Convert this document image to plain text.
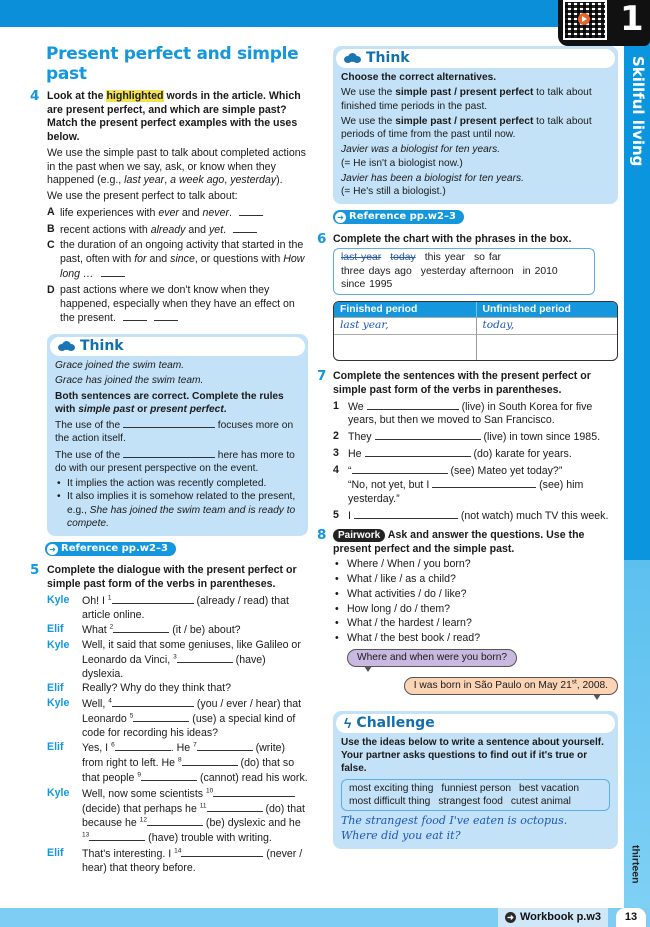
1
Skillful living
thirteen
➜ Workbook p.w3	13
Present perfect and simple past
4 Look at the highlighted words in the article. Which are present perfect, and which are simple past? Match the present perfect examples with the uses below.

We use the simple past to talk about completed actions in the past when we say, ask, or know when they happened (e.g., last year, a week ago, yesterday).

We use the present perfect to talk about:

A life experiences with ever and never.
B recent actions with already and yet.
C the duration of an ongoing activity that started in the past, often with for and since, or questions with How long …
D past actions where we don't know when they happened, especially when they have an effect on the present.
Think

Grace joined the swim team.

Grace has joined the swim team.

Both sentences are correct. Complete the rules with simple past or present perfect.

The use of the	focuses more on the action itself.

The use of the	here has more to do with our present perspective on the event.

• It implies the action was recently completed.
• It also implies it is somehow related to the present, e.g., She has joined the swim team and is ready to compete.
➜ Reference pp.w2–3
5 Complete the dialogue with the present perfect or simple past form of the verbs in parentheses.

Kyle	Oh! I $^1$	(already / read) that article online.
Elif	What $^2$	(it / be) about?
Kyle	Well, it said that some geniuses, like Galileo or Leonardo da Vinci, $^3$	(have) dyslexia.
Elif	Really? Why do they think that?
Kyle	Well, $^4$	(you / ever / hear) that Leonardo $^5$	(use) a special kind of code for recording his ideas?
Elif	Yes, I $^6$	. He $^7$	(write) from right to left. He $^8$	(do) that so that people $^9$	(cannot) read his work.
Kyle	Well, now some scientists $^{10}$ (decide) that perhaps he $^{11}$	(do) that because he $^{12}$	(be) dyslexic and he $^{13}$	(have) trouble with writing.
Elif	That's interesting. I $^{14}$	(never / hear) that theory before.
Think

Choose the correct alternatives.

We use the simple past / present perfect to talk about finished time periods in the past.

We use the simple past / present perfect to talk about periods of time from the past until now.

Javier was a biologist for ten years.

(= He isn't a biologist now.)

Javier has been a biologist for ten years.

(= He's still a biologist.)

➜ Reference pp.w2–3
6 Complete the chart with the phrases in the box.

last year today this year so farthree days ago yesterday afternoon in 2010since 1995
Finished period	Unfinished period
last year,	today,

7 Complete the sentences with the present perfect or simple past form of the verbs in parentheses.

1 We	(live) in South Korea for five years, but then we moved to San Francisco.
2 They	(live) in town since 1985.
3 He	(do) karate for years.
4 “	(see) Mateo yet today?”
“No, not yet, but I	(see) him yesterday.”
5 I	(not watch) much TV this week.
8	Pairwork Ask and answer the questions. Use the present perfect and the simple past.

• Where / When / you born?
• What / like / as a child?
• What activities / do / like?
• How long / do / them?
• What / the hardest / learn?
• What / the best book / read?
Where and when were you born?
I was born in São Paulo on May 21st, 2008.
ϟ Challenge

Use the ideas below to write a sentence about yourself. Your partner asks questions to find out if it's true or false.

most exciting thing funniest person best vacationmost difficult thing strangest food cutest animal
The strangest food I've eaten is octopus.
Where did you eat it?
